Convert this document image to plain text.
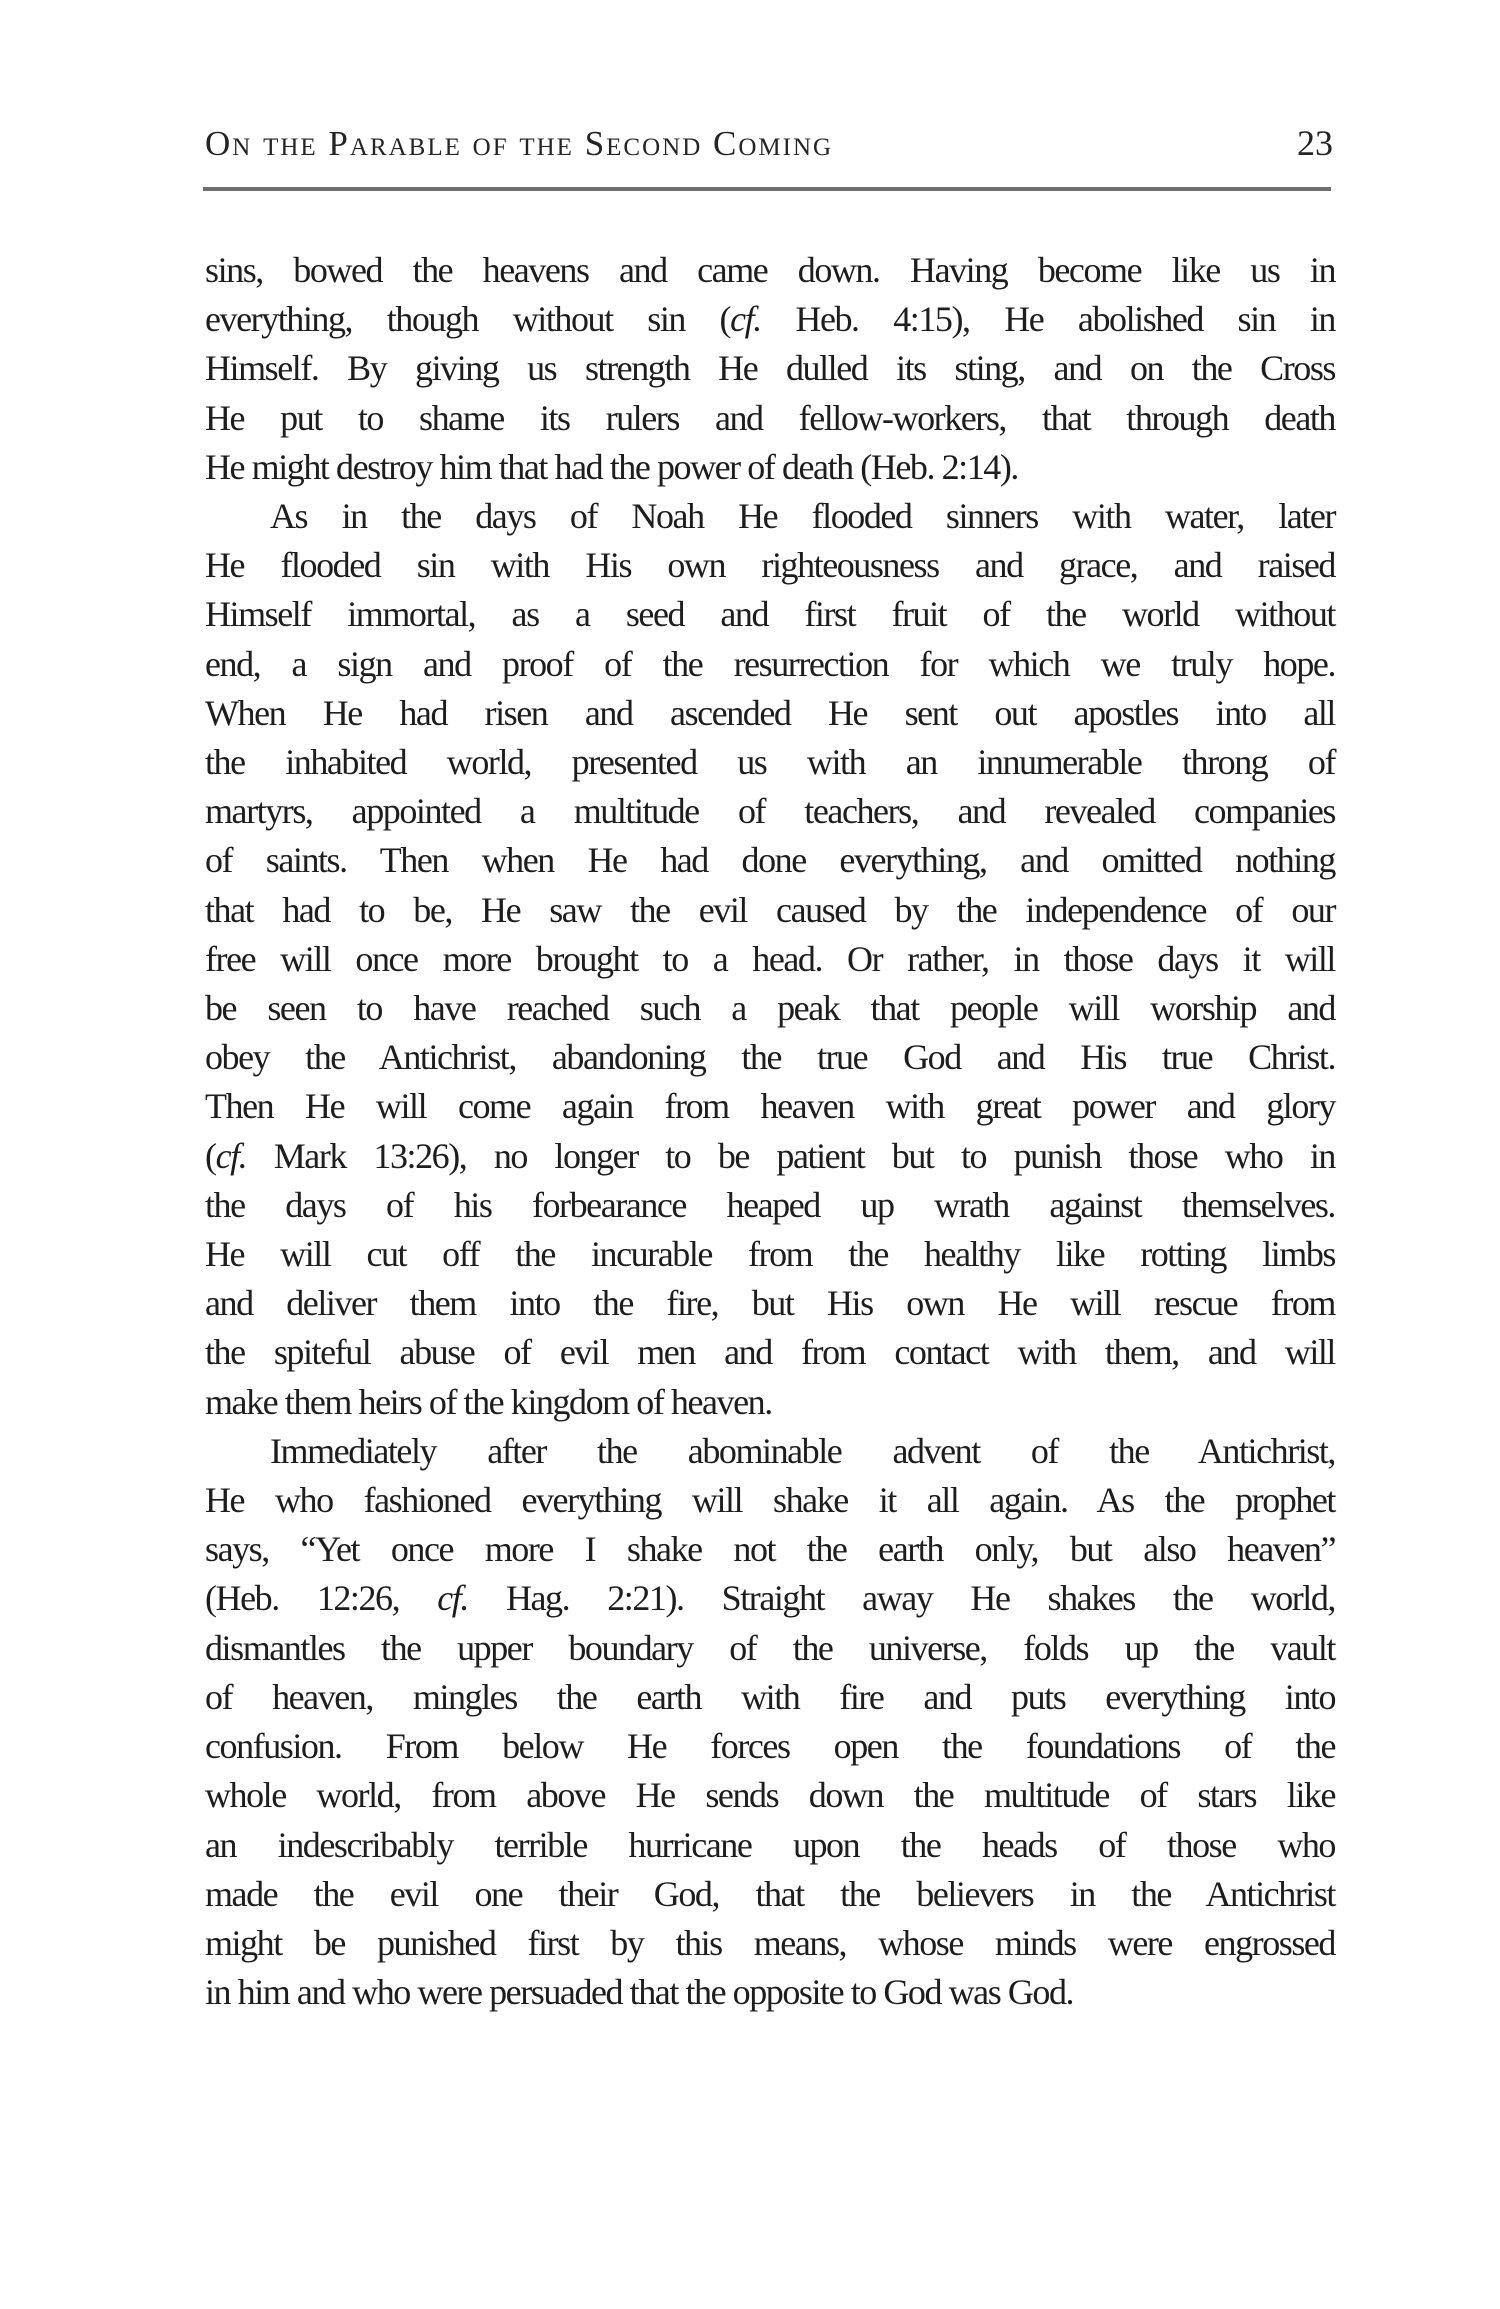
On the Parable of the Second Coming	23
sins, bowed the heavens and came down. Having become like us in
everything, though without sin (cf. Heb. 4:15), He abolished sin in
Himself. By giving us strength He dulled its sting, and on the Cross
He put to shame its rulers and fellow-workers, that through death
He might destroy him that had the power of death (Heb. 2:14).
As in the days of Noah He flooded sinners with water, later
He flooded sin with His own righteousness and grace, and raised
Himself immortal, as a seed and first fruit of the world without
end, a sign and proof of the resurrection for which we truly hope.
When He had risen and ascended He sent out apostles into all
the inhabited world, presented us with an innumerable throng of
martyrs, appointed a multitude of teachers, and revealed companies
of saints. Then when He had done everything, and omitted nothing
that had to be, He saw the evil caused by the independence of our
free will once more brought to a head. Or rather, in those days it will
be seen to have reached such a peak that people will worship and
obey the Antichrist, abandoning the true God and His true Christ.
Then He will come again from heaven with great power and glory
(cf. Mark 13:26), no longer to be patient but to punish those who in
the days of his forbearance heaped up wrath against themselves.
He will cut off the incurable from the healthy like rotting limbs
and deliver them into the fire, but His own He will rescue from
the spiteful abuse of evil men and from contact with them, and will
make them heirs of the kingdom of heaven.
Immediately after the abominable advent of the Antichrist,
He who fashioned everything will shake it all again. As the prophet
says, “Yet once more I shake not the earth only, but also heaven”
(Heb. 12:26, cf. Hag. 2:21). Straight away He shakes the world,
dismantles the upper boundary of the universe, folds up the vault
of heaven, mingles the earth with fire and puts everything into
confusion. From below He forces open the foundations of the
whole world, from above He sends down the multitude of stars like
an indescribably terrible hurricane upon the heads of those who
made the evil one their God, that the believers in the Antichrist
might be punished first by this means, whose minds were engrossed
in him and who were persuaded that the opposite to God was God.
